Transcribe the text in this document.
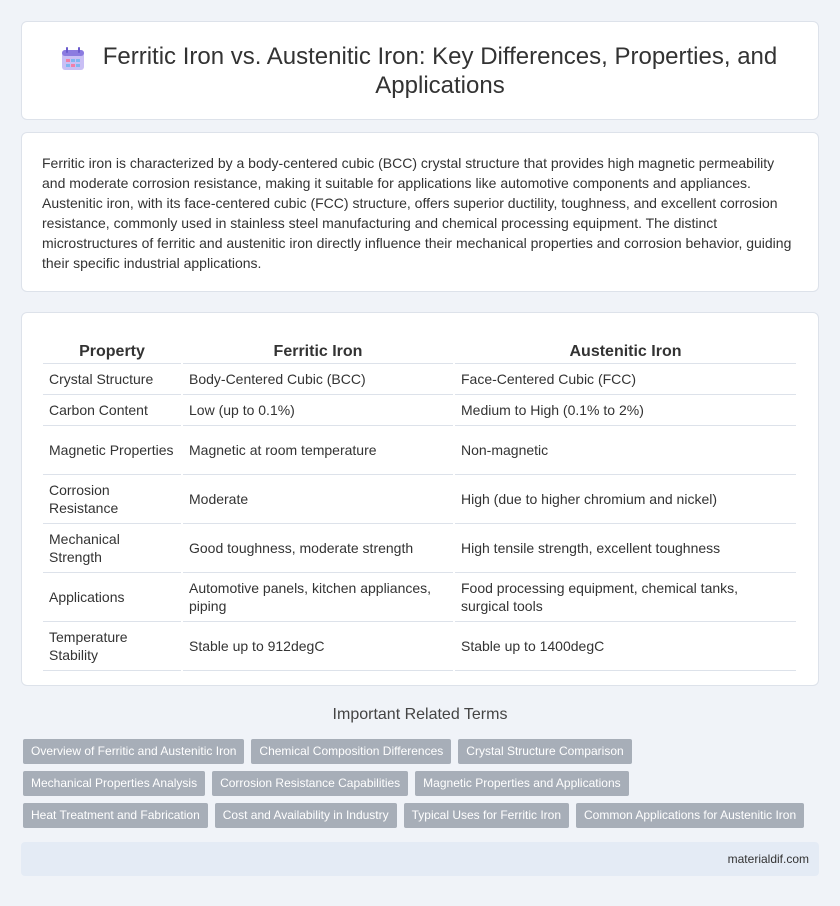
Ferritic Iron vs. Austenitic Iron: Key Differences, Properties, and Applications

Ferritic iron is characterized by a body-centered cubic (BCC) crystal structure that provides high magnetic permeability and moderate corrosion resistance, making it suitable for applications like automotive components and appliances. Austenitic iron, with its face-centered cubic (FCC) structure, offers superior ductility, toughness, and excellent corrosion resistance, commonly used in stainless steel manufacturing and chemical processing equipment. The distinct microstructures of ferritic and austenitic iron directly influence their mechanical properties and corrosion behavior, guiding their specific industrial applications.

Property	Ferritic Iron	Austenitic Iron
Crystal Structure	Body-Centered Cubic (BCC)	Face-Centered Cubic (FCC)
Carbon Content	Low (up to 0.1%)	Medium to High (0.1% to 2%)
Magnetic Properties	Magnetic at room temperature	Non-magnetic
Corrosion Resistance	Moderate	High (due to higher chromium and nickel)
Mechanical Strength	Good toughness, moderate strength	High tensile strength, excellent toughness
Applications	Automotive panels, kitchen appliances, piping	Food processing equipment, chemical tanks, surgical tools
Temperature Stability	Stable up to 912degC	Stable up to 1400degC
Important Related Terms
Overview of Ferritic and Austenitic Iron	Chemical Composition Differences	Crystal Structure Comparison
Mechanical Properties Analysis	Corrosion Resistance Capabilities	Magnetic Properties and Applications
Heat Treatment and Fabrication	Cost and Availability in Industry	Typical Uses for Ferritic Iron	Common Applications for Austenitic Iron
materialdif.com
